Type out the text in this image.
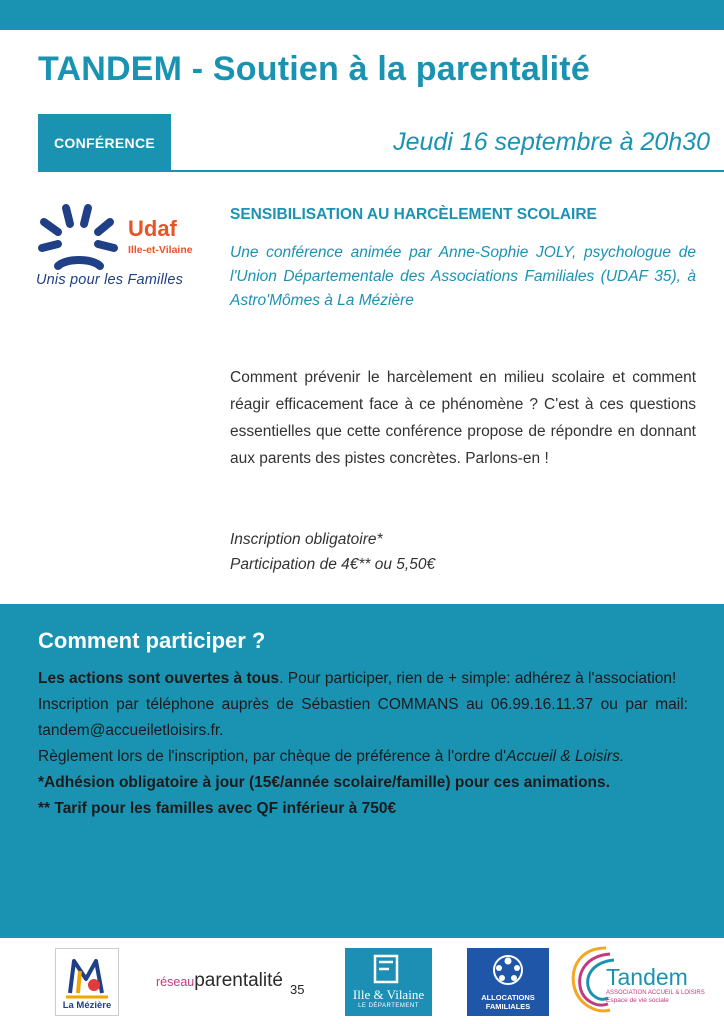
TANDEM - Soutien à la parentalité
CONFÉRENCE	Jeudi 16 septembre à 20h30
Udaf
Ille-et-Vilaine
Unis pour les Familles
SENSIBILISATION AU HARCÈLEMENT SCOLAIRE

Une conférence animée par Anne-Sophie JOLY, psychologue de l'Union Départementale des Associations Familiales (UDAF 35), à Astro'Mômes à La Mézière

Comment prévenir le harcèlement en milieu scolaire et comment réagir efficacement face à ce phénomène ? C'est à ces questions essentielles que cette conférence propose de répondre en donnant aux parents des pistes concrètes. Parlons-en !

Inscription obligatoire*
Participation de 4€** ou 5,50€
Comment participer ?

Les actions sont ouvertes à tous. Pour participer, rien de + simple: adhérez à l'association!

Inscription par téléphone auprès de Sébastien COMMANS au 06.99.16.11.37 ou par mail: tandem@accueiletloisirs.fr.

Règlement lors de l'inscription, par chèque de préférence à l'ordre d'Accueil & Loisirs.

*Adhésion obligatoire à jour (15€/année scolaire/famille) pour ces animations.

** Tarif pour les familles avec QF inférieur à 750€

La Mézière
réseauparentalité 35	Ille & Vilaine
LE DÉPARTEMENT
ALLOCATIONS
FAMILIALES
Tandem
ASSOCIATION ACCUEIL & LOISIRS
Espace de vie sociale
